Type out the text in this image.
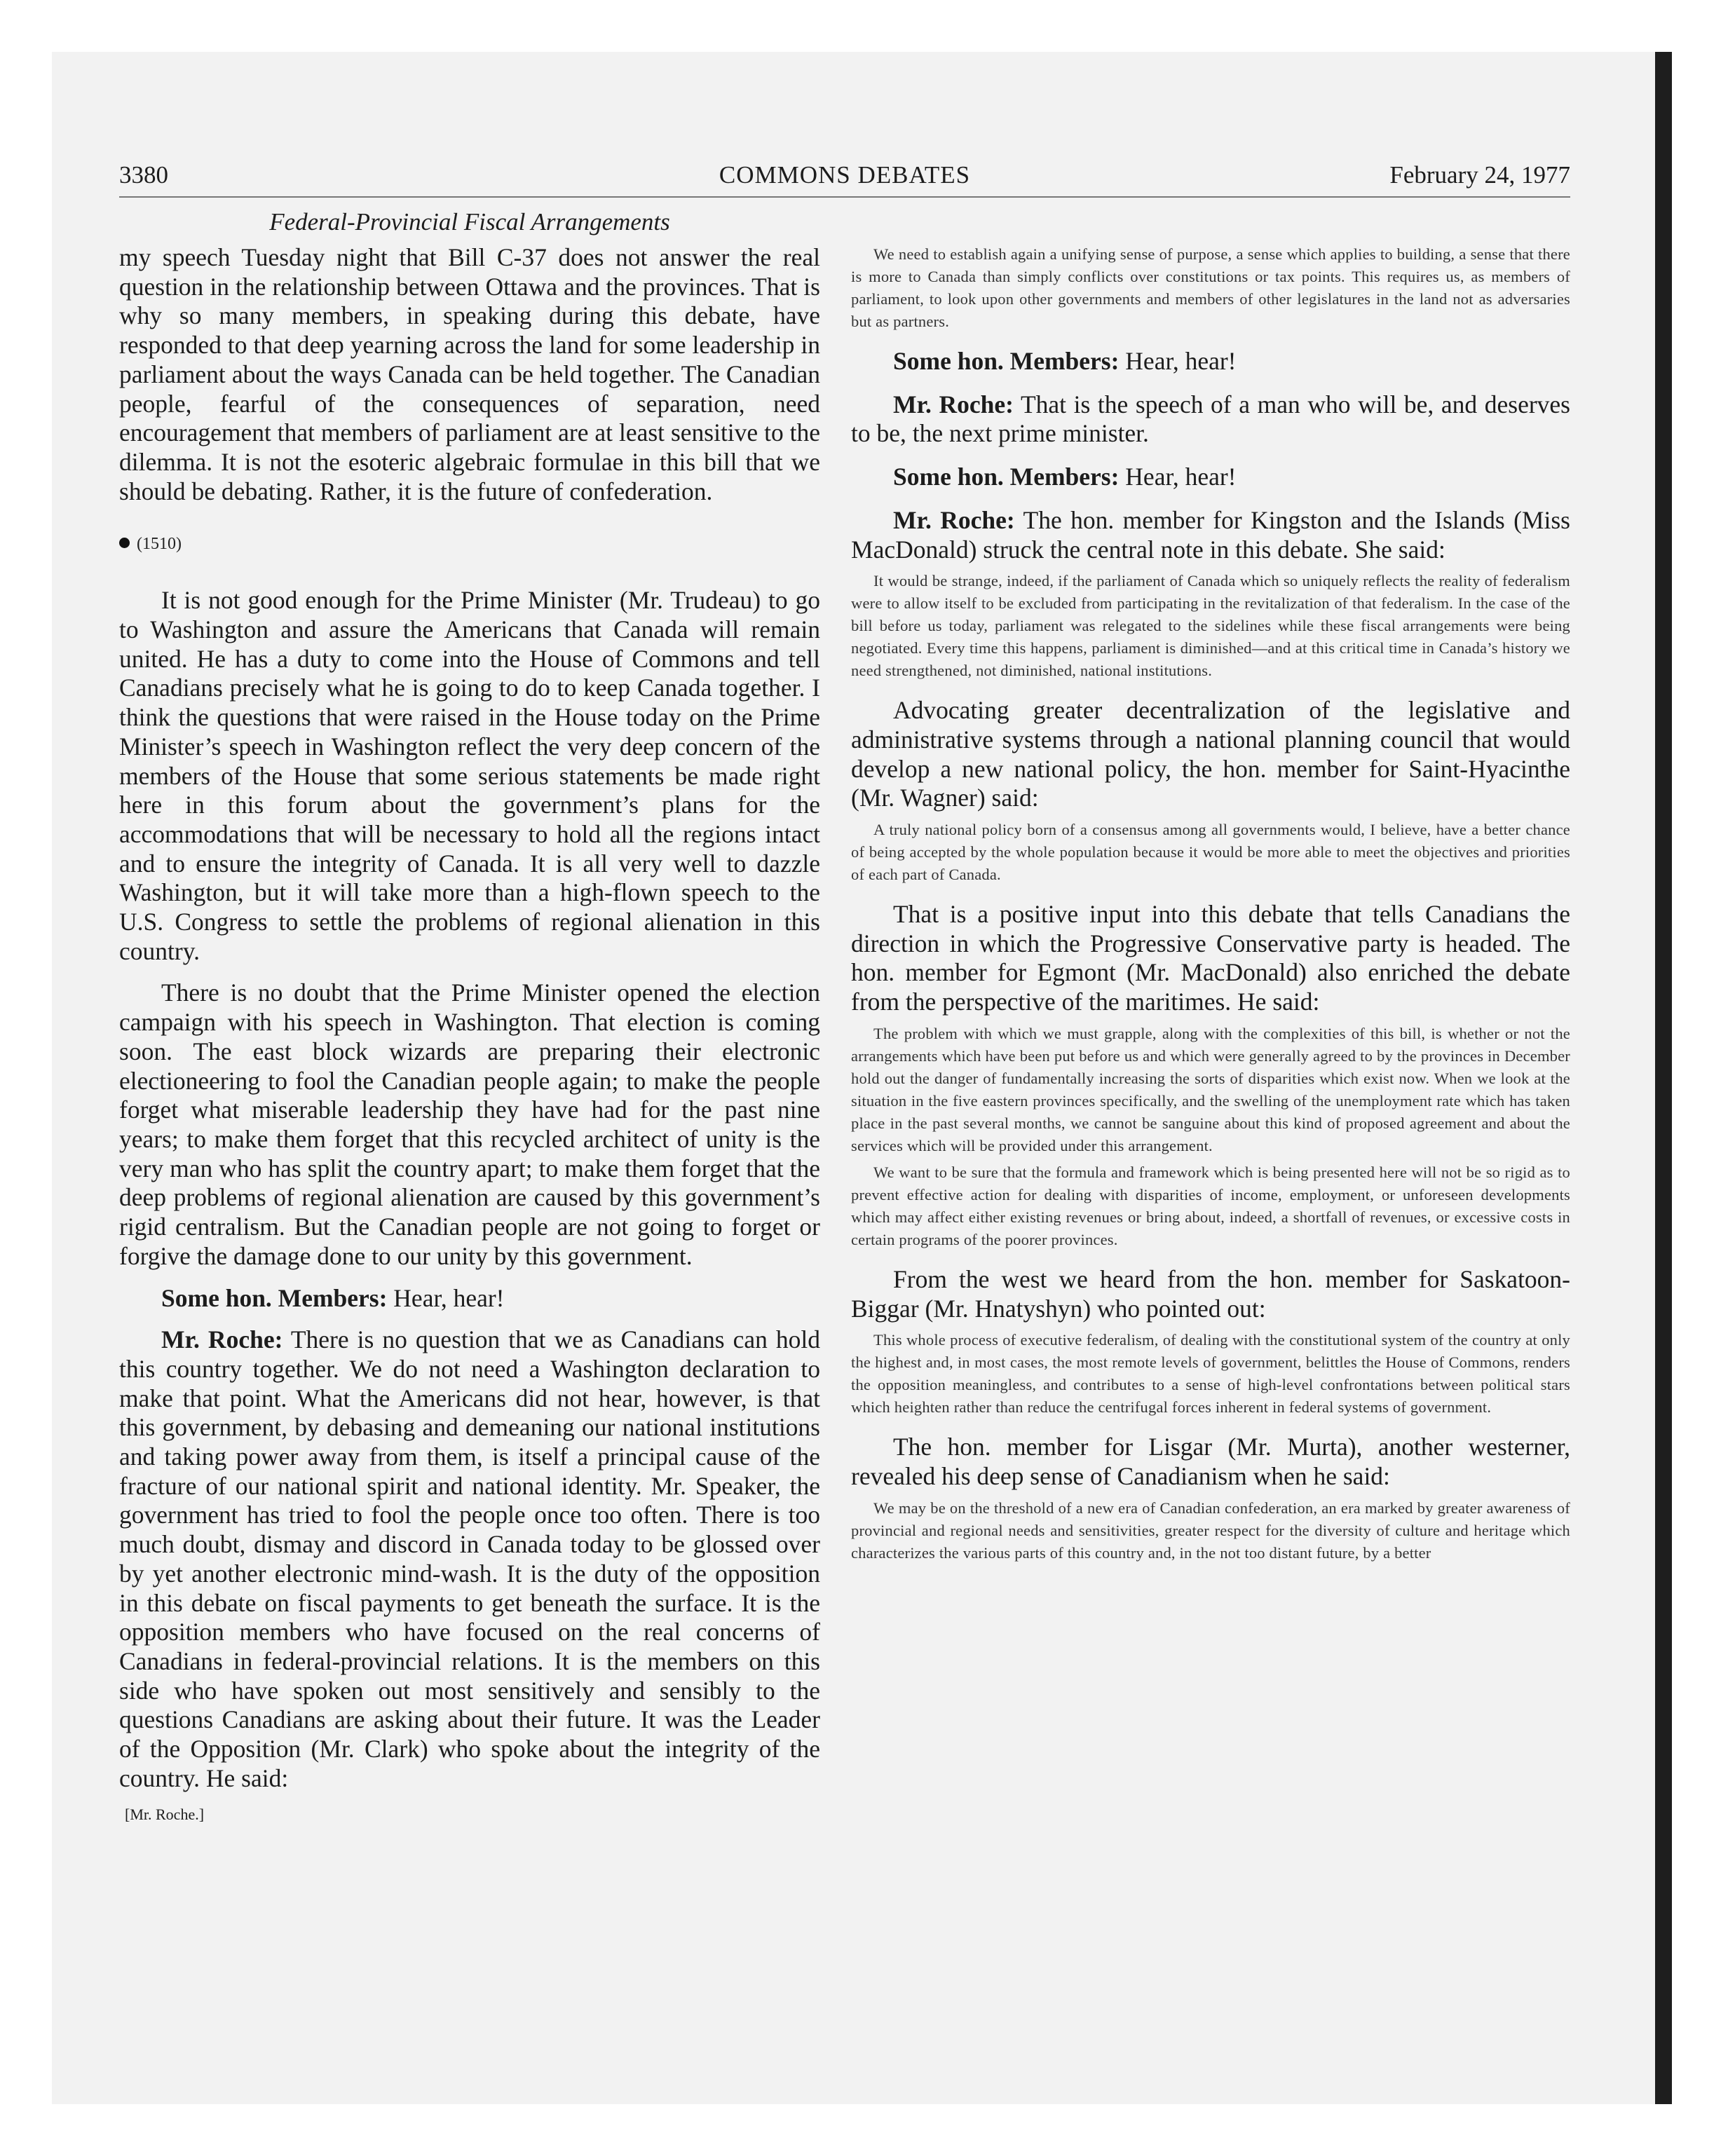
3380	COMMONS DEBATES	February 24, 1977
Federal-Provincial Fiscal Arrangements

my speech Tuesday night that Bill C-37 does not answer the real question in the relationship between Ottawa and the provinces. That is why so many members, in speaking during this debate, have responded to that deep yearning across the land for some leadership in parliament about the ways Canada can be held together. The Canadian people, fearful of the consequences of separation, need encouragement that members of parliament are at least sensitive to the dilemma. It is not the esoteric algebraic formulae in this bill that we should be debating. Rather, it is the future of confederation.

(1510)

It is not good enough for the Prime Minister (Mr. Trudeau) to go to Washington and assure the Americans that Canada will remain united. He has a duty to come into the House of Commons and tell Canadians precisely what he is going to do to keep Canada together. I think the questions that were raised in the House today on the Prime Minister’s speech in Washington reflect the very deep concern of the members of the House that some serious statements be made right here in this forum about the government’s plans for the accommodations that will be necessary to hold all the regions intact and to ensure the integrity of Canada. It is all very well to dazzle Washington, but it will take more than a high-flown speech to the U.S. Congress to settle the problems of regional alienation in this country.

There is no doubt that the Prime Minister opened the election campaign with his speech in Washington. That election is coming soon. The east block wizards are preparing their electronic electioneering to fool the Canadian people again; to make the people forget what miserable leadership they have had for the past nine years; to make them forget that this recycled architect of unity is the very man who has split the country apart; to make them forget that the deep problems of regional alienation are caused by this government’s rigid centralism. But the Canadian people are not going to forget or forgive the damage done to our unity by this government.

Some hon. Members: Hear, hear!

Mr. Roche: There is no question that we as Canadians can hold this country together. We do not need a Washington declaration to make that point. What the Americans did not hear, however, is that this government, by debasing and demeaning our national institutions and taking power away from them, is itself a principal cause of the fracture of our national spirit and national identity. Mr. Speaker, the government has tried to fool the people once too often. There is too much doubt, dismay and discord in Canada today to be glossed over by yet another electronic mind-wash. It is the duty of the opposition in this debate on fiscal payments to get beneath the surface. It is the opposition members who have focused on the real concerns of Canadians in federal-provincial relations. It is the members on this side who have spoken out most sensitively and sensibly to the questions Canadians are asking about their future. It was the Leader of the Opposition (Mr. Clark) who spoke about the integrity of the country. He said:

[Mr. Roche.]

We need to establish again a unifying sense of purpose, a sense which applies to building, a sense that there is more to Canada than simply conflicts over constitutions or tax points. This requires us, as members of parliament, to look upon other governments and members of other legislatures in the land not as adversaries but as partners.

Some hon. Members: Hear, hear!

Mr. Roche: That is the speech of a man who will be, and deserves to be, the next prime minister.

Some hon. Members: Hear, hear!

Mr. Roche: The hon. member for Kingston and the Islands (Miss MacDonald) struck the central note in this debate. She said:

It would be strange, indeed, if the parliament of Canada which so uniquely reflects the reality of federalism were to allow itself to be excluded from participating in the revitalization of that federalism. In the case of the bill before us today, parliament was relegated to the sidelines while these fiscal arrangements were being negotiated. Every time this happens, parliament is diminished—and at this critical time in Canada’s history we need strengthened, not diminished, national institutions.

Advocating greater decentralization of the legislative and administrative systems through a national planning council that would develop a new national policy, the hon. member for Saint-Hyacinthe (Mr. Wagner) said:

A truly national policy born of a consensus among all governments would, I believe, have a better chance of being accepted by the whole population because it would be more able to meet the objectives and priorities of each part of Canada.

That is a positive input into this debate that tells Canadians the direction in which the Progressive Conservative party is headed. The hon. member for Egmont (Mr. MacDonald) also enriched the debate from the perspective of the maritimes. He said:

The problem with which we must grapple, along with the complexities of this bill, is whether or not the arrangements which have been put before us and which were generally agreed to by the provinces in December hold out the danger of fundamentally increasing the sorts of disparities which exist now. When we look at the situation in the five eastern provinces specifically, and the swelling of the unemployment rate which has taken place in the past several months, we cannot be sanguine about this kind of proposed agreement and about the services which will be provided under this arrangement.

We want to be sure that the formula and framework which is being presented here will not be so rigid as to prevent effective action for dealing with disparities of income, employment, or unforeseen developments which may affect either existing revenues or bring about, indeed, a shortfall of revenues, or excessive costs in certain programs of the poorer provinces.

From the west we heard from the hon. member for Saskatoon-Biggar (Mr. Hnatyshyn) who pointed out:

This whole process of executive federalism, of dealing with the constitutional system of the country at only the highest and, in most cases, the most remote levels of government, belittles the House of Commons, renders the opposition meaningless, and contributes to a sense of high-level confrontations between political stars which heighten rather than reduce the centrifugal forces inherent in federal systems of government.

The hon. member for Lisgar (Mr. Murta), another westerner, revealed his deep sense of Canadianism when he said:

We may be on the threshold of a new era of Canadian confederation, an era marked by greater awareness of provincial and regional needs and sensitivities, greater respect for the diversity of culture and heritage which characterizes the various parts of this country and, in the not too distant future, by a better
